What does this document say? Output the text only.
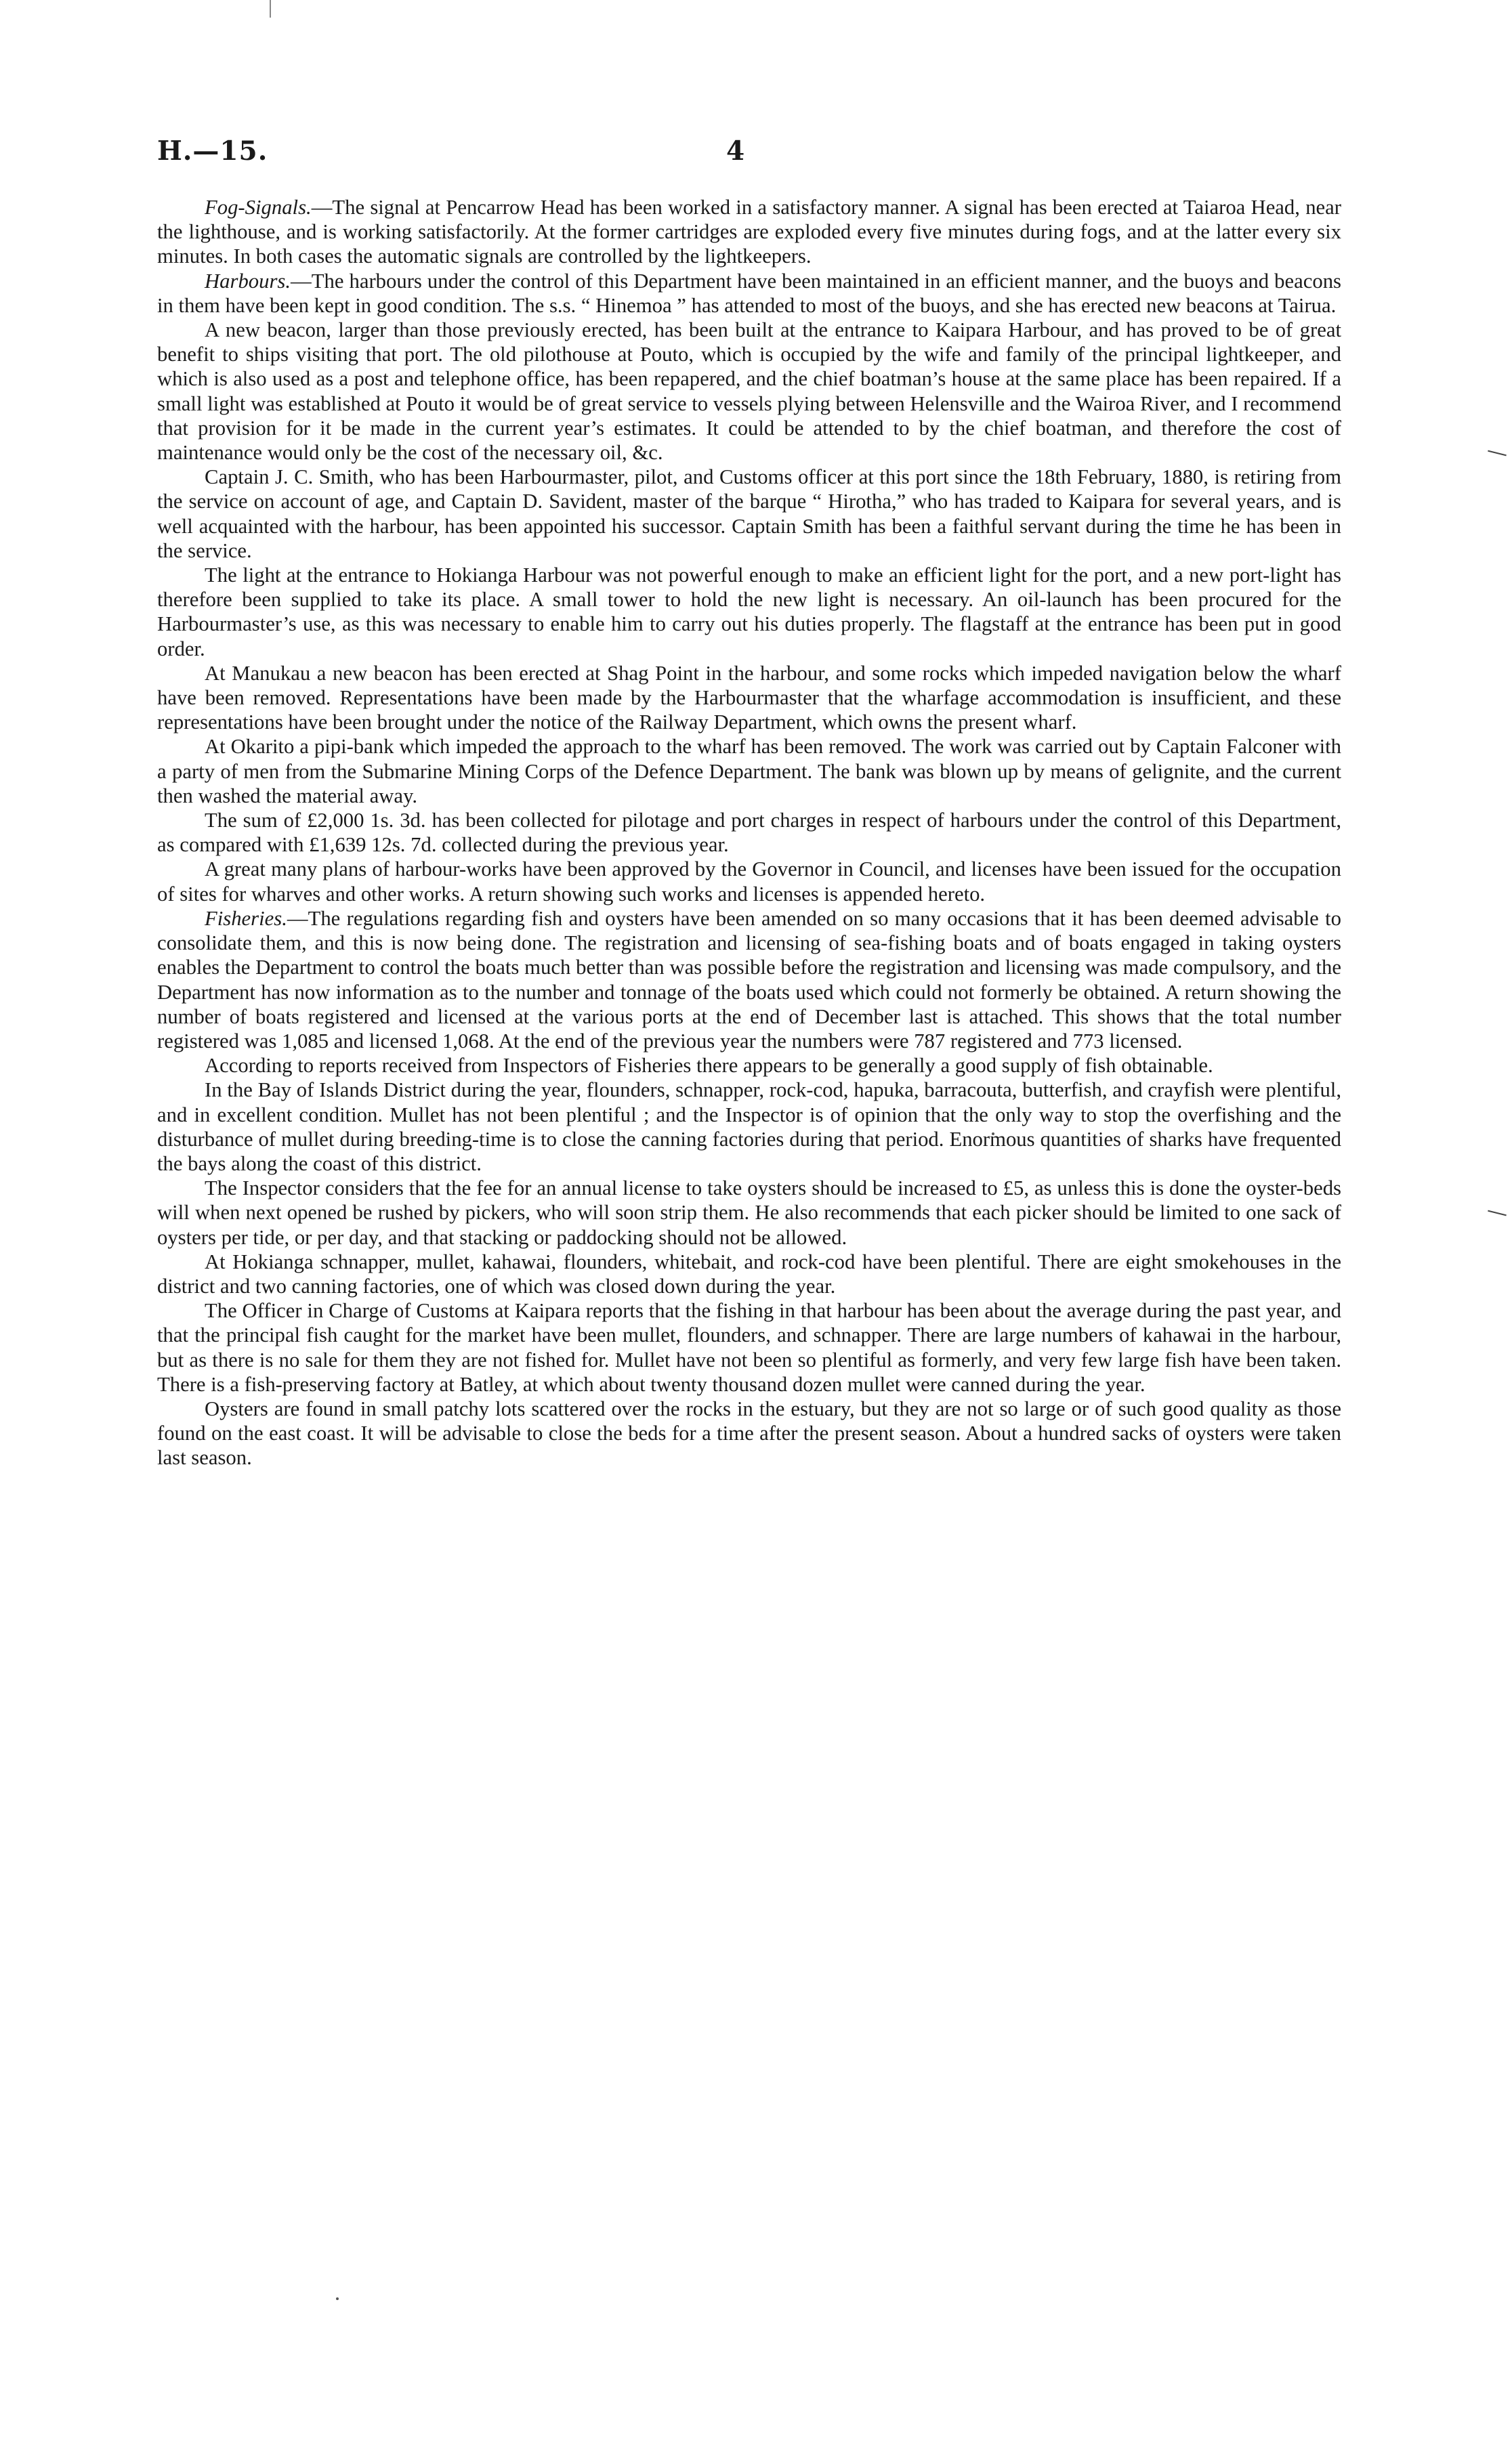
H.—15.	4

Fog-Signals.—The signal at Pencarrow Head has been worked in a satisfactory manner. A signal has been erected at Taiaroa Head, near the lighthouse, and is working satisfactorily. At the former cartridges are exploded every five minutes during fogs, and at the latter every six minutes. In both cases the automatic signals are controlled by the lightkeepers.

Harbours.—The harbours under the control of this Department have been maintained in an efficient manner, and the buoys and beacons in them have been kept in good condition. The s.s. “ Hinemoa ” has attended to most of the buoys, and she has erected new beacons at Tairua.

A new beacon, larger than those previously erected, has been built at the entrance to Kaipara Harbour, and has proved to be of great benefit to ships visiting that port. The old pilothouse at Pouto, which is occupied by the wife and family of the principal lightkeeper, and which is also used as a post and telephone office, has been repapered, and the chief boatman’s house at the same place has been repaired. If a small light was established at Pouto it would be of great service to vessels plying between Helensville and the Wairoa River, and I recommend that provision for it be made in the current year’s estimates. It could be attended to by the chief boatman, and therefore the cost of maintenance would only be the cost of the necessary oil, &c.

Captain J. C. Smith, who has been Harbourmaster, pilot, and Customs officer at this port since the 18th February, 1880, is retiring from the service on account of age, and Captain D. Savident, master of the barque “ Hirotha,” who has traded to Kaipara for several years, and is well acquainted with the harbour, has been appointed his successor. Captain Smith has been a faithful servant during the time he has been in the service.

The light at the entrance to Hokianga Harbour was not powerful enough to make an efficient light for the port, and a new port-light has therefore been supplied to take its place. A small tower to hold the new light is necessary. An oil-launch has been procured for the Harbourmaster’s use, as this was necessary to enable him to carry out his duties properly. The flagstaff at the entrance has been put in good order.

At Manukau a new beacon has been erected at Shag Point in the harbour, and some rocks which impeded navigation below the wharf have been removed. Representations have been made by the Harbourmaster that the wharfage accommodation is insufficient, and these representations have been brought under the notice of the Railway Department, which owns the present wharf.

At Okarito a pipi-bank which impeded the approach to the wharf has been removed. The work was carried out by Captain Falconer with a party of men from the Submarine Mining Corps of the Defence Department. The bank was blown up by means of gelignite, and the current then washed the material away.

The sum of £2,000 1s. 3d. has been collected for pilotage and port charges in respect of harbours under the control of this Department, as compared with £1,639 12s. 7d. collected during the previous year.

A great many plans of harbour-works have been approved by the Governor in Council, and licenses have been issued for the occupation of sites for wharves and other works. A return showing such works and licenses is appended hereto.

Fisheries.—The regulations regarding fish and oysters have been amended on so many occasions that it has been deemed advisable to consolidate them, and this is now being done. The registration and licensing of sea-fishing boats and of boats engaged in taking oysters enables the Department to control the boats much better than was possible before the registration and licensing was made compulsory, and the Department has now information as to the number and tonnage of the boats used which could not formerly be obtained. A return showing the number of boats registered and licensed at the various ports at the end of December last is attached. This shows that the total number registered was 1,085 and licensed 1,068. At the end of the previous year the numbers were 787 registered and 773 licensed.

According to reports received from Inspectors of Fisheries there appears to be generally a good supply of fish obtainable.

In the Bay of Islands District during the year, flounders, schnapper, rock-cod, hapuka, barracouta, butterfish, and crayfish were plentiful, and in excellent condition. Mullet has not been plentiful ; and the Inspector is of opinion that the only way to stop the overfishing and the disturbance of mullet during breeding-time is to close the canning factories during that period. Enormous quantities of sharks have frequented the bays along the coast of this district.

The Inspector considers that the fee for an annual license to take oysters should be increased to £5, as unless this is done the oyster-beds will when next opened be rushed by pickers, who will soon strip them. He also recommends that each picker should be limited to one sack of oysters per tide, or per day, and that stacking or paddocking should not be allowed.

At Hokianga schnapper, mullet, kahawai, flounders, whitebait, and rock-cod have been plentiful. There are eight smokehouses in the district and two canning factories, one of which was closed down during the year.

The Officer in Charge of Customs at Kaipara reports that the fishing in that harbour has been about the average during the past year, and that the principal fish caught for the market have been mullet, flounders, and schnapper. There are large numbers of kahawai in the harbour, but as there is no sale for them they are not fished for. Mullet have not been so plentiful as formerly, and very few large fish have been taken. There is a fish-preserving factory at Batley, at which about twenty thousand dozen mullet were canned during the year.

Oysters are found in small patchy lots scattered over the rocks in the estuary, but they are not so large or of such good quality as those found on the east coast. It will be advisable to close the beds for a time after the present season. About a hundred sacks of oysters were taken last season.
